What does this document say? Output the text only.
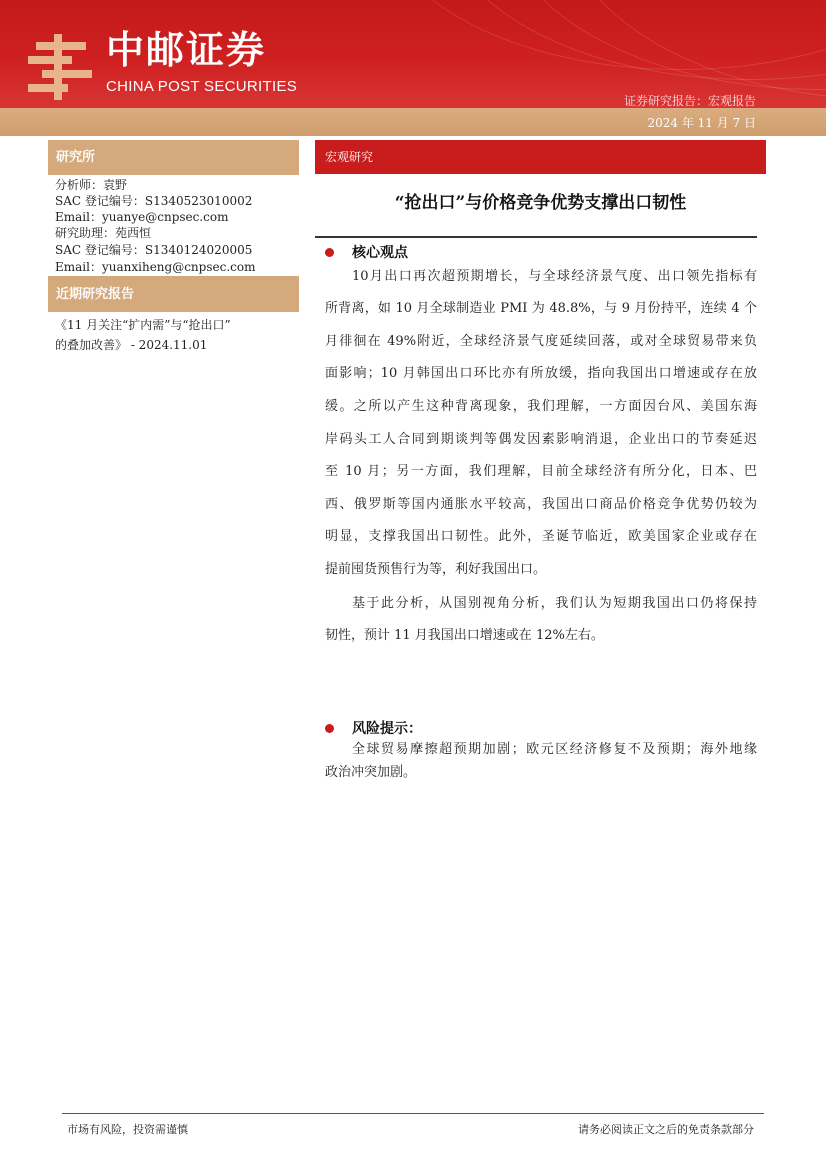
中邮证券
CHINA POST SECURITIES
证券研究报告：宏观报告
2024 年 11 月 7 日
研究所
分析师：袁野
SAC 登记编号：S1340523010002
Email：yuanye@cnpsec.com
研究助理：苑西恒
SAC 登记编号：S1340124020005
Email：yuanxiheng@cnpsec.com
近期研究报告
《11 月关注“扩内需”与“抢出口”
的叠加改善》 - 2024.11.01
宏观研究
“抢出口”与价格竞争优势支撑出口韧性
核心观点
10月出口再次超预期增长，与全球经济景气度、出口领先指标有
所背离，如 10 月全球制造业 PMI 为 48.8%，与 9 月份持平，连续 4 个
月徘徊在 49%附近，全球经济景气度延续回落，或对全球贸易带来负
面影响；10 月韩国出口环比亦有所放缓，指向我国出口增速或存在放
缓。之所以产生这种背离现象，我们理解，一方面因台风、美国东海
岸码头工人合同到期谈判等偶发因素影响消退，企业出口的节奏延迟
至 10 月；另一方面，我们理解，目前全球经济有所分化，日本、巴
西、俄罗斯等国内通胀水平较高，我国出口商品价格竞争优势仍较为
明显，支撑我国出口韧性。此外，圣诞节临近，欧美国家企业或存在
提前囤货预售行为等，利好我国出口。
基于此分析，从国别视角分析，我们认为短期我国出口仍将保持
韧性，预计 11 月我国出口增速或在 12%左右。
风险提示：
全球贸易摩擦超预期加剧；欧元区经济修复不及预期；海外地缘
政治冲突加剧。
市场有风险，投资需谨慎	请务必阅读正文之后的免责条款部分
